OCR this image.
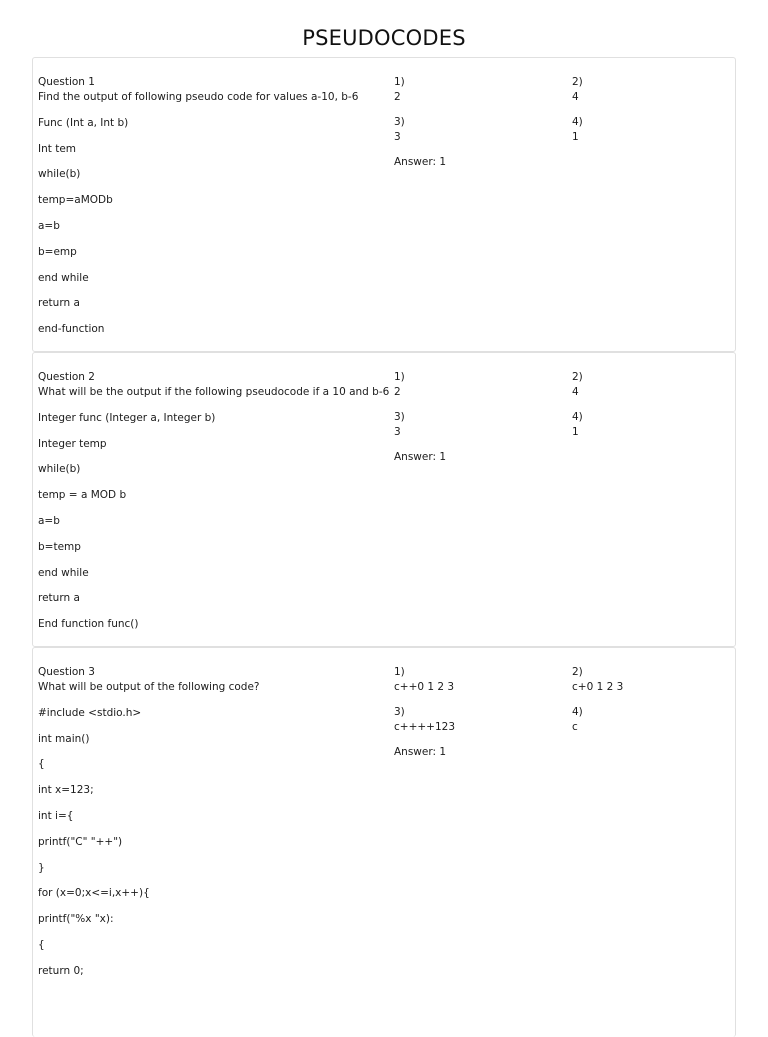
PSEUDOCODES
Question 1
Find the output of following pseudo code for values a-10, b-6
Func (Int a, Int b)
Int tem
while(b)
temp=aMODb
a=b
b=emp
end while
return a
end-function
1)
2
2)
4
3)
3
4)
1
Answer: 1
Question 2
What will be the output if the following pseudocode if a 10 and b-6
Integer func (Integer a, Integer b)
Integer temp
while(b)
temp = a MOD b
a=b
b=temp
end while
return a
End function func()
1)
2
2)
4
3)
3
4)
1
Answer: 1
Question 3
What will be output of the following code?
#include <stdio.h>
int main()
{
int x=123;
int i={
printf("C" "++")
}
for (x=0;x<=i,x++){
printf("%x "x):
{
return 0;
1)
c++0 1 2 3
2)
c+0 1 2 3
3)
c++++123
4)
c
Answer: 1
